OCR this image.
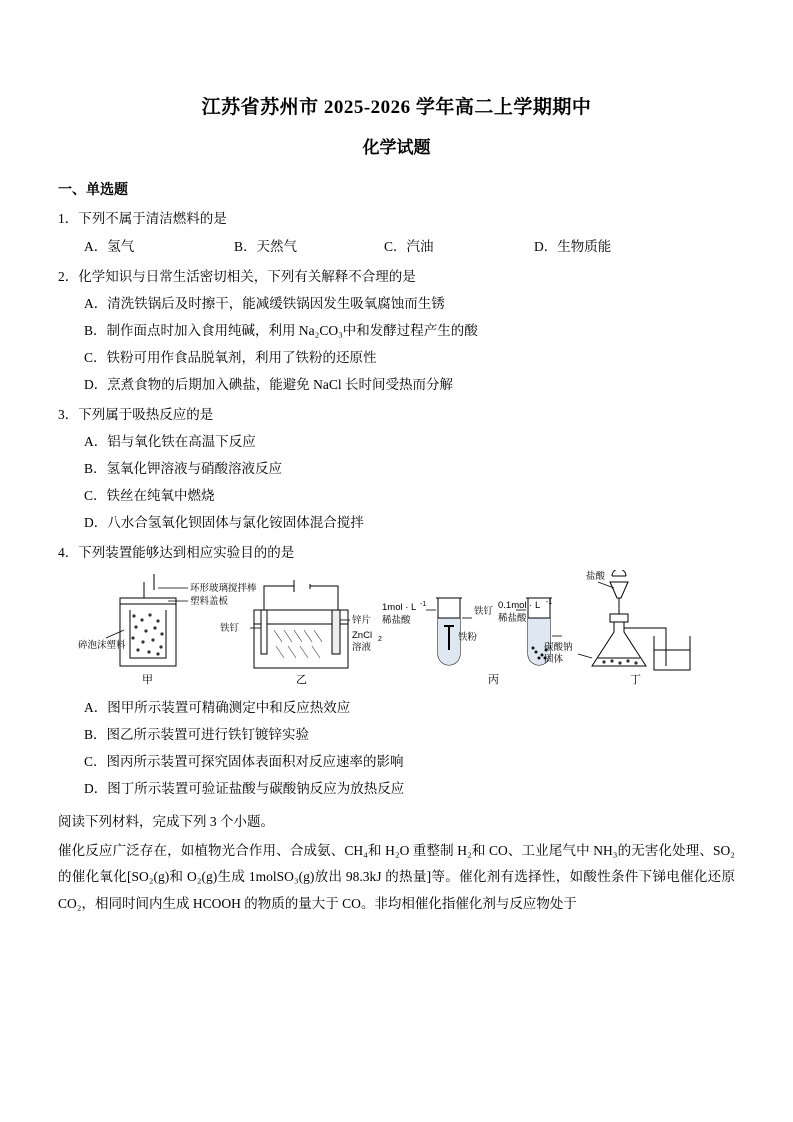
江苏省苏州市 2025-2026 学年高二上学期期中
化学试题
一、单选题
1．下列不属于清洁燃料的是
A．氢气	B．天然气	C．汽油	D．生物质能
2．化学知识与日常生活密切相关，下列有关解释不合理的是
A．清洗铁锅后及时擦干，能减缓铁锅因发生吸氧腐蚀而生锈
B．制作面点时加入食用纯碱，利用 Na₂CO₃中和发酵过程产生的酸
C．铁粉可用作食品脱氧剂，利用了铁粉的还原性
D．烹煮食物的后期加入碘盐，能避免 NaCl 长时间受热而分解
3．下列属于吸热反应的是
A．铝与氧化铁在高温下反应
B．氢氧化钾溶液与硝酸溶液反应
C．铁丝在纯氧中燃烧
D．八水合氢氧化钡固体与氯化铵固体混合搅拌
4．下列装置能够达到相应实验目的的是
环形玻璃搅拌棒
塑料盖板
碎泡沫塑料
甲
铁钉
锌片
ZnCl 2
溶液
乙
1mol · L -1
稀盐酸
铁钉
铁粉
0.1mol · L -1
稀盐酸
丙
盐酸
碳酸钠
固体
丁
A．图甲所示装置可精确测定中和反应热效应
B．图乙所示装置可进行铁钉镀锌实验
C．图丙所示装置可探究固体表面积对反应速率的影响
D．图丁所示装置可验证盐酸与碳酸钠反应为放热反应
阅读下列材料，完成下列 3 个小题。
催化反应广泛存在，如植物光合作用、合成氨、CH₄和 H₂O 重整制 H₂和 CO、工业尾气中 NH₃的无害化处理、SO₂的催化氧化[SO₂(g)和 O₂(g)生成 1molSO₃(g)放出 98.3kJ 的热量]等。催化剂有选择性，如酸性条件下锑电催化还原 CO₂，相同时间内生成 HCOOH 的物质的量大于 CO。非均相催化指催化剂与反应物处于
